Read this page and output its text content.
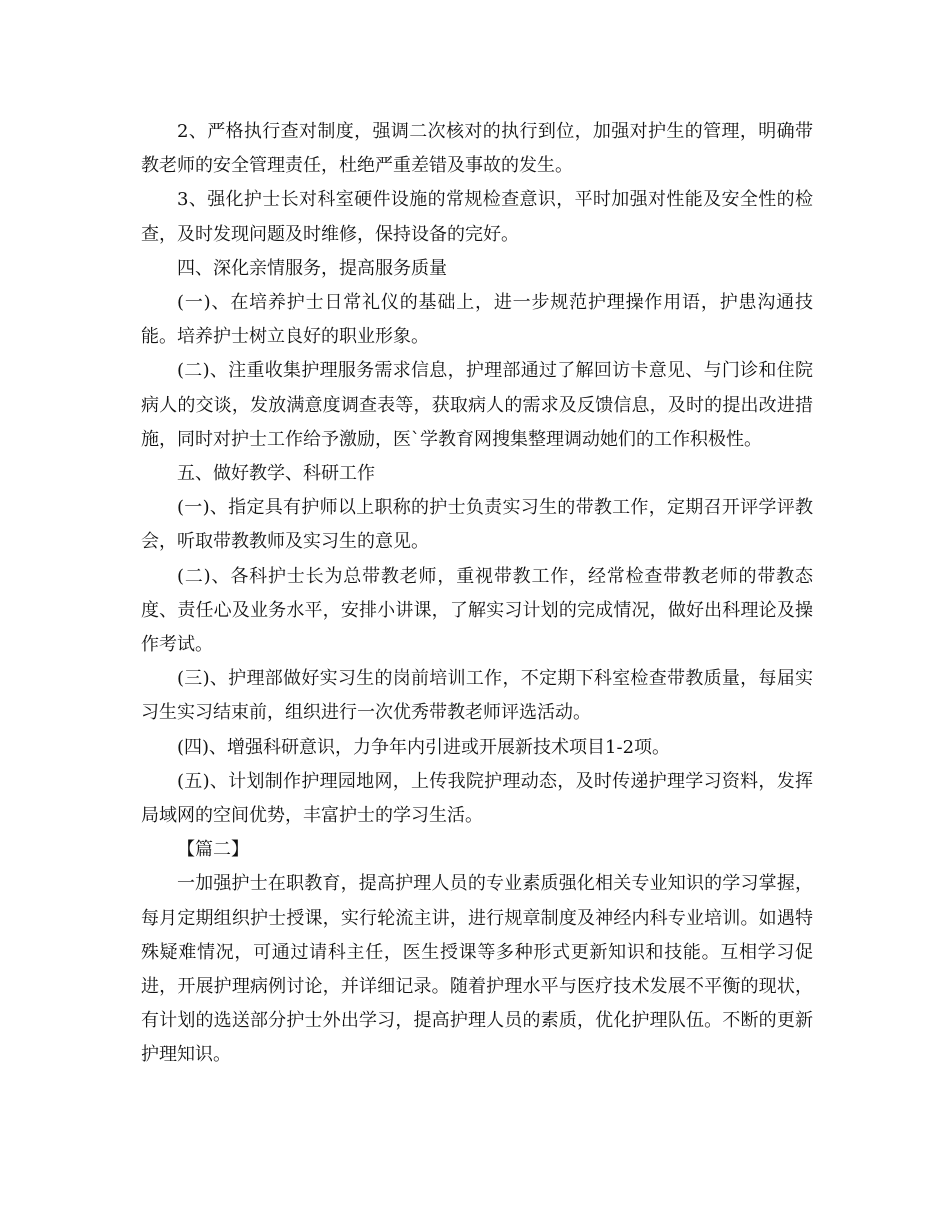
2、严格执行查对制度，强调二次核对的执行到位，加强对护生的管理，明确带教老师的安全管理责任，杜绝严重差错及事故的发生。

3、强化护士长对科室硬件设施的常规检查意识，平时加强对性能及安全性的检查，及时发现问题及时维修，保持设备的完好。

四、深化亲情服务，提高服务质量

(一)、在培养护士日常礼仪的基础上，进一步规范护理操作用语，护患沟通技能。培养护士树立良好的职业形象。

(二)、注重收集护理服务需求信息，护理部通过了解回访卡意见、与门诊和住院病人的交谈，发放满意度调查表等，获取病人的需求及反馈信息，及时的提出改进措施，同时对护士工作给予激励，医`学教育网搜集整理调动她们的工作积极性。

五、做好教学、科研工作

(一)、指定具有护师以上职称的护士负责实习生的带教工作，定期召开评学评教会，听取带教教师及实习生的意见。

(二)、各科护士长为总带教老师，重视带教工作，经常检查带教老师的带教态度、责任心及业务水平，安排小讲课，了解实习计划的完成情况，做好出科理论及操作考试。

(三)、护理部做好实习生的岗前培训工作，不定期下科室检查带教质量，每届实习生实习结束前，组织进行一次优秀带教老师评选活动。

(四)、增强科研意识，力争年内引进或开展新技术项目1-2项。

(五)、计划制作护理园地网，上传我院护理动态，及时传递护理学习资料，发挥局域网的空间优势，丰富护士的学习生活。

【篇二】

一加强护士在职教育，提高护理人员的专业素质强化相关专业知识的学习掌握，每月定期组织护士授课，实行轮流主讲，进行规章制度及神经内科专业培训。如遇特殊疑难情况，可通过请科主任，医生授课等多种形式更新知识和技能。互相学习促进，开展护理病例讨论，并详细记录。随着护理水平与医疗技术发展不平衡的现状，有计划的选送部分护士外出学习，提高护理人员的素质，优化护理队伍。不断的更新护理知识。
